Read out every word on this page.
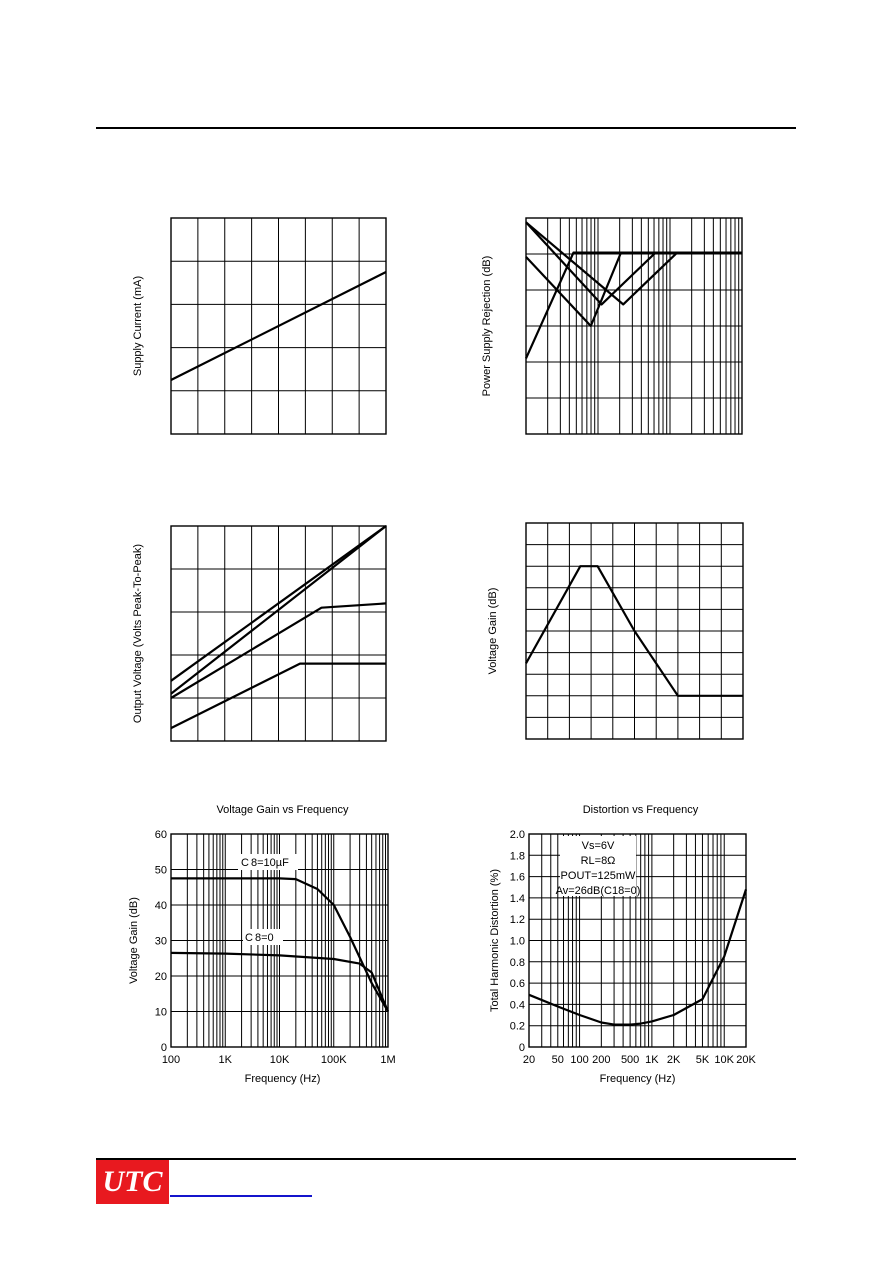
UTC
Supply Current (mA)	Power Supply Rejection (dB)
Output Voltage (Volts Peak-To-Peak)	Voltage Gain (dB)
100	1K	10K	100K	1M
0
10
20
30
40
50
60
Voltage Gain (dB)
Voltage Gain vs Frequency
Frequency (Hz)
C 8=10µF
C 8=0
20 50 100 200 500 1K 2K 5K 10K 20K
0
0.2
0.4
0.6
0.8
1.0
1.2
1.4
1.6
1.8
2.0
Total Harmonic Distortion (%)
Distortion vs Frequency
Frequency (Hz)
Vs=6V
RL=8Ω
POUT=125mW
Av=26dB(C18=0)
